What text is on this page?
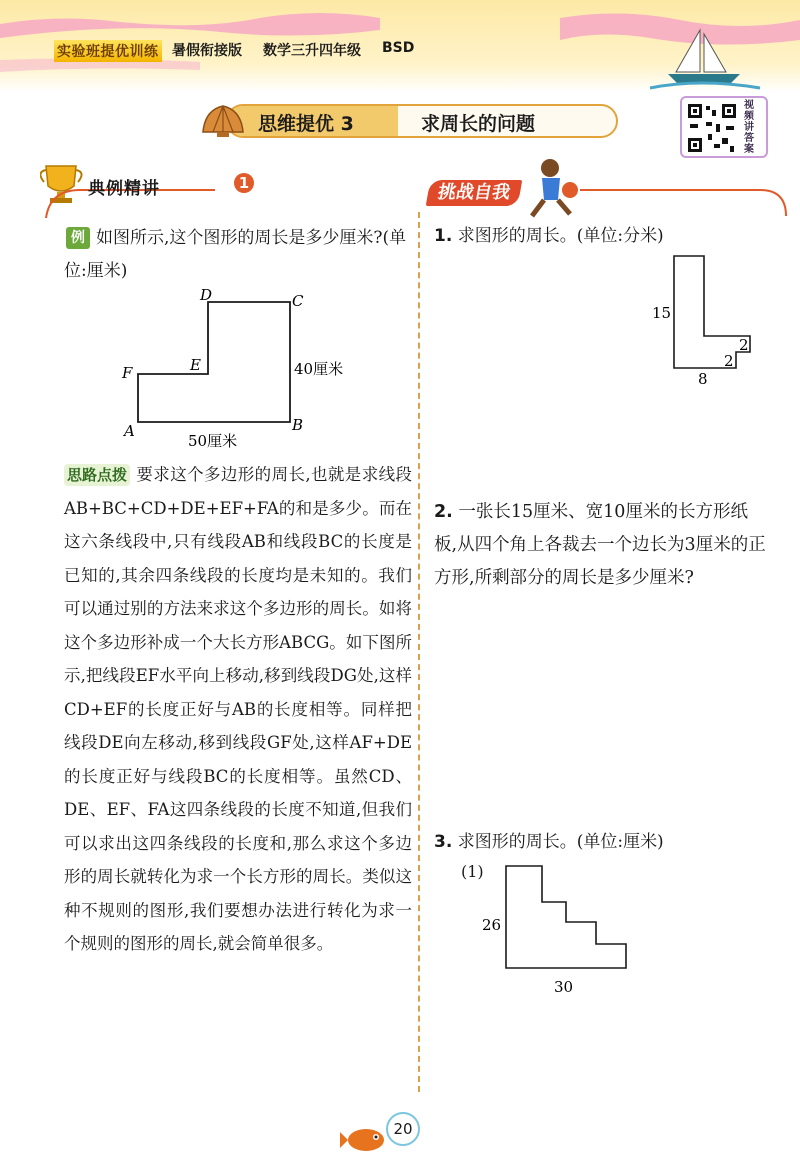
实验班提优训练 暑假衔接版 数学三升四年级 BSD
思维提优 3	求周长的问题
视频讲答案
典例精讲	1	挑战自我
例 如图所示,这个图形的周长是多少厘米?(单位:厘米)
D	C
E
F
A	B
40厘米
50厘米
思路点拨 要求这个多边形的周长,也就是求线段AB+BC+CD+DE+EF+FA的和是多少。而在这六条线段中,只有线段AB和线段BC的长度是已知的,其余四条线段的长度均是未知的。我们可以通过别的方法来求这个多边形的周长。如将这个多边形补成一个大长方形ABCG。如下图所示,把线段EF水平向上移动,移到线段DG处,这样CD+EF的长度正好与AB的长度相等。同样把线段DE向左移动,移到线段GF处,这样AF+DE的长度正好与线段BC的长度相等。虽然CD、DE、EF、FA这四条线段的长度不知道,但我们可以求出这四条线段的长度和,那么求这个多边形的周长就转化为求一个长方形的周长。类似这种不规则的图形,我们要想办法进行转化为求一个规则的图形的周长,就会简单很多。
1. 求图形的周长。(单位:分米)
15
2
2
8
2. 一张长15厘米、宽10厘米的长方形纸板,从四个角上各裁去一个边长为3厘米的正方形,所剩部分的周长是多少厘米?
3. 求图形的周长。(单位:厘米)
(1)
26
30
20
